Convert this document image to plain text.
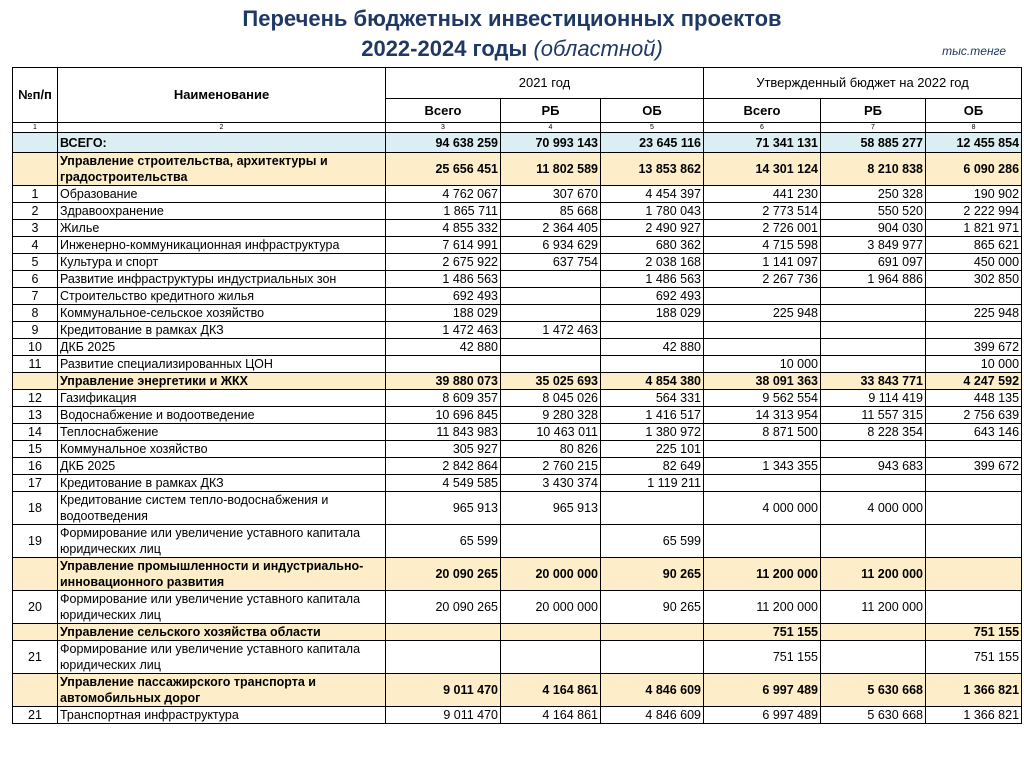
Перечень бюджетных инвестиционных проектов
2022-2024 годы (областной)	тыс.тенге
№п/п	Наименование	2021 год			Утвержденный бюджет на 2022 год		
		Всего	РБ	ОБ	Всего	РБ	ОБ
1	2	3	4	5	6	7	8
	ВСЕГО:	94 638 259	70 993 143	23 645 116	71 341 131	58 885 277	12 455 854
	Управление строительства, архитектуры и градостроительства	25 656 451	11 802 589	13 853 862	14 301 124	8 210 838	6 090 286
1	Образование	4 762 067	307 670	4 454 397	441 230	250 328	190 902
2	Здравоохранение	1 865 711	85 668	1 780 043	2 773 514	550 520	2 222 994
3	Жилье	4 855 332	2 364 405	2 490 927	2 726 001	904 030	1 821 971
4	Инженерно-коммуникационная инфраструктура	7 614 991	6 934 629	680 362	4 715 598	3 849 977	865 621
5	Культура и спорт	2 675 922	637 754	2 038 168	1 141 097	691 097	450 000
6	Развитие инфраструктуры индустриальных зон	1 486 563		1 486 563	2 267 736	1 964 886	302 850
7	Строительство кредитного жилья	692 493		692 493			
8	Коммунальное-сельское хозяйство	188 029		188 029	225 948		225 948
9	Кредитование в рамках ДКЗ	1 472 463	1 472 463				
10	ДКБ 2025	42 880		42 880			399 672
11	Развитие специализированных ЦОН				10 000		10 000
	Управление энергетики и ЖКХ	39 880 073	35 025 693	4 854 380	38 091 363	33 843 771	4 247 592
12	Газификация	8 609 357	8 045 026	564 331	9 562 554	9 114 419	448 135
13	Водоснабжение и водоотведение	10 696 845	9 280 328	1 416 517	14 313 954	11 557 315	2 756 639
14	Теплоснабжение	11 843 983	10 463 011	1 380 972	8 871 500	8 228 354	643 146
15	Коммунальное хозяйство	305 927	80 826	225 101			
16	ДКБ 2025	2 842 864	2 760 215	82 649	1 343 355	943 683	399 672
17	Кредитование в рамках ДКЗ	4 549 585	3 430 374	1 119 211			
18	Кредитование систем тепло-водоснабжения и водоотведения	965 913	965 913		4 000 000	4 000 000	
19	Формирование или увеличение уставного капитала юридических лиц	65 599		65 599			
	Управление промышленности и индустриально-инновационного развития	20 090 265	20 000 000	90 265	11 200 000	11 200 000	
20	Формирование или увеличение уставного капитала юридических лиц	20 090 265	20 000 000	90 265	11 200 000	11 200 000	
	Управление сельского хозяйства области				751 155		751 155
21	Формирование или увеличение уставного капитала юридических лиц				751 155		751 155
	Управление пассажирского транспорта и автомобильных дорог	9 011 470	4 164 861	4 846 609	6 997 489	5 630 668	1 366 821
21	Транспортная инфраструктура	9 011 470	4 164 861	4 846 609	6 997 489	5 630 668	1 366 821
